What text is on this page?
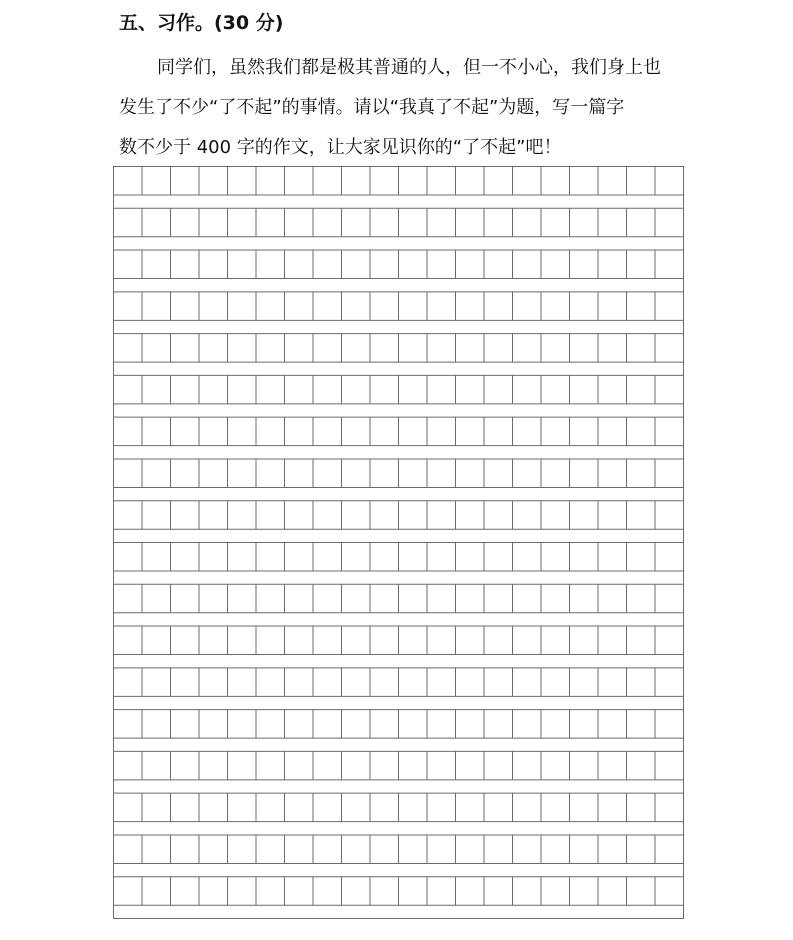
五、习作。(30 分)
同学们，虽然我们都是极其普通的人，但一不小心，我们身上也
发生了不少“了不起”的事情。请以“我真了不起”为题，写一篇字
数不少于 400 字的作文，让大家见识你的“了不起”吧！
